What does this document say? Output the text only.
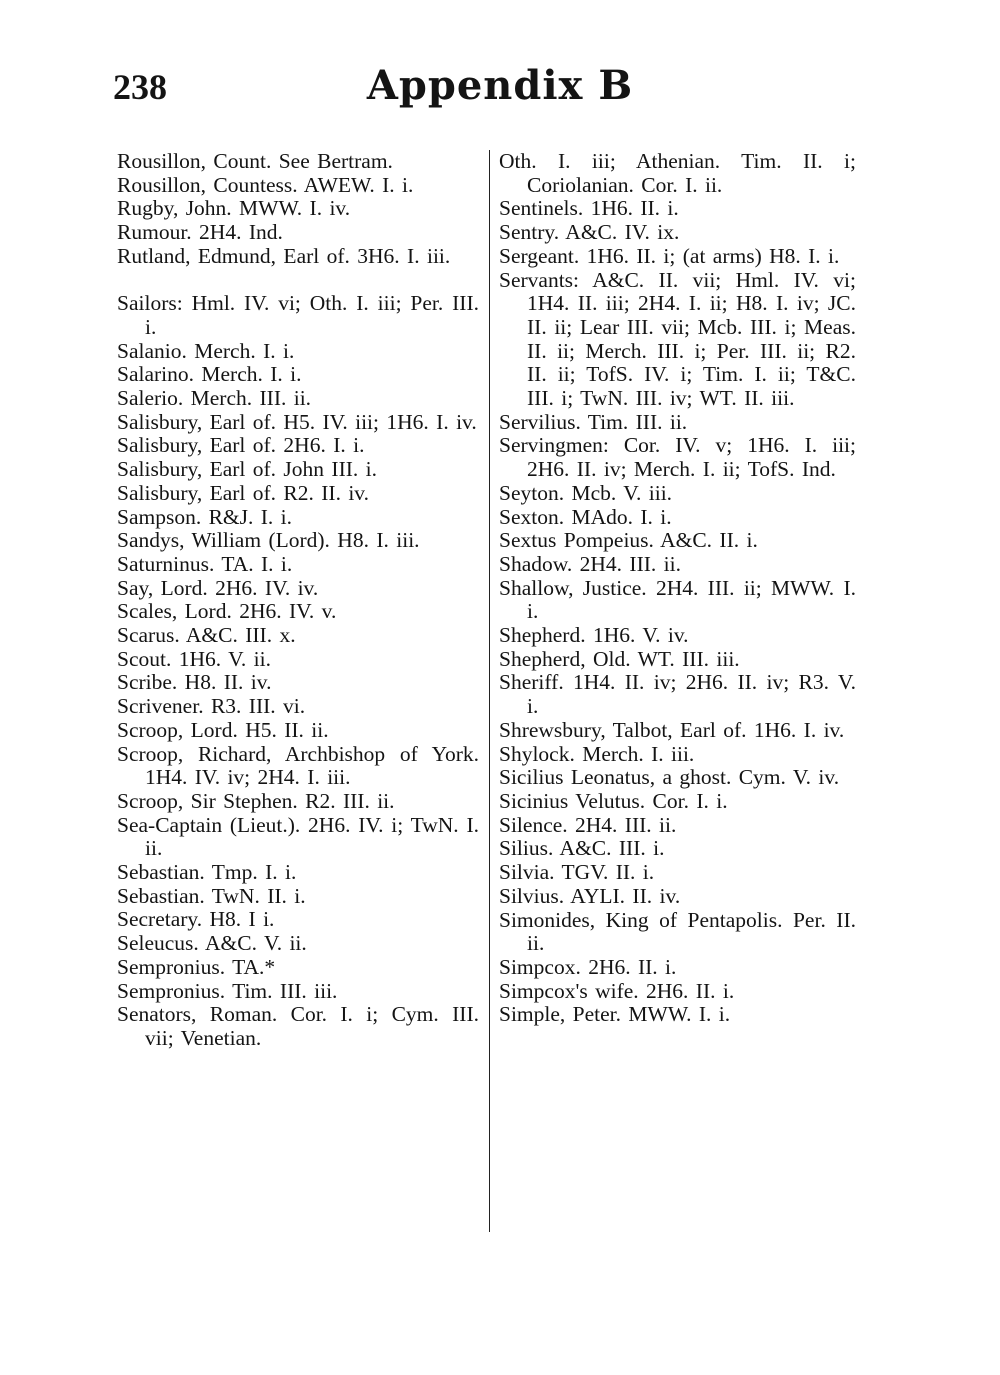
238	Appendix B
Rousillon, Count. See Bertram.
Rousillon, Countess. AWEW. I. i.
Rugby, John. MWW. I. iv.
Rumour. 2H4. Ind.
Rutland, Edmund, Earl of. 3H6. I. iii.
Sailors: Hml. IV. vi; Oth. I. iii; Per. III. i.
Salanio. Merch. I. i.
Salarino. Merch. I. i.
Salerio. Merch. III. ii.
Salisbury, Earl of. H5. IV. iii; 1H6. I. iv.
Salisbury, Earl of. 2H6. I. i.
Salisbury, Earl of. John III. i.
Salisbury, Earl of. R2. II. iv.
Sampson. R&J. I. i.
Sandys, William (Lord). H8. I. iii.
Saturninus. TA. I. i.
Say, Lord. 2H6. IV. iv.
Scales, Lord. 2H6. IV. v.
Scarus. A&C. III. x.
Scout. 1H6. V. ii.
Scribe. H8. II. iv.
Scrivener. R3. III. vi.
Scroop, Lord. H5. II. ii.
Scroop, Richard, Archbishop of York. 1H4. IV. iv; 2H4. I. iii.
Scroop, Sir Stephen. R2. III. ii.
Sea-Captain (Lieut.). 2H6. IV. i; TwN. I. ii.
Sebastian. Tmp. I. i.
Sebastian. TwN. II. i.
Secretary. H8. I i.
Seleucus. A&C. V. ii.
Sempronius. TA.*
Sempronius. Tim. III. iii.
Senators, Roman. Cor. I. i; Cym. III. vii; Venetian.
Oth. I. iii; Athenian. Tim. II. i; Coriolanian. Cor. I. ii.
Sentinels. 1H6. II. i.
Sentry. A&C. IV. ix.
Sergeant. 1H6. II. i; (at arms) H8. I. i.
Servants: A&C. II. vii; Hml. IV. vi; 1H4. II. iii; 2H4. I. ii; H8. I. iv; JC. II. ii; Lear III. vii; Mcb. III. i; Meas. II. ii; Merch. III. i; Per. III. ii; R2. II. ii; TofS. IV. i; Tim. I. ii; T&C. III. i; TwN. III. iv; WT. II. iii.
Servilius. Tim. III. ii.
Servingmen: Cor. IV. v; 1H6. I. iii; 2H6. II. iv; Merch. I. ii; TofS. Ind.
Seyton. Mcb. V. iii.
Sexton. MAdo. I. i.
Sextus Pompeius. A&C. II. i.
Shadow. 2H4. III. ii.
Shallow, Justice. 2H4. III. ii; MWW. I. i.
Shepherd. 1H6. V. iv.
Shepherd, Old. WT. III. iii.
Sheriff. 1H4. II. iv; 2H6. II. iv; R3. V. i.
Shrewsbury, Talbot, Earl of. 1H6. I. iv.
Shylock. Merch. I. iii.
Sicilius Leonatus, a ghost. Cym. V. iv.
Sicinius Velutus. Cor. I. i.
Silence. 2H4. III. ii.
Silius. A&C. III. i.
Silvia. TGV. II. i.
Silvius. AYLI. II. iv.
Simonides, King of Pentapolis. Per. II. ii.
Simpcox. 2H6. II. i.
Simpcox's wife. 2H6. II. i.
Simple, Peter. MWW. I. i.
